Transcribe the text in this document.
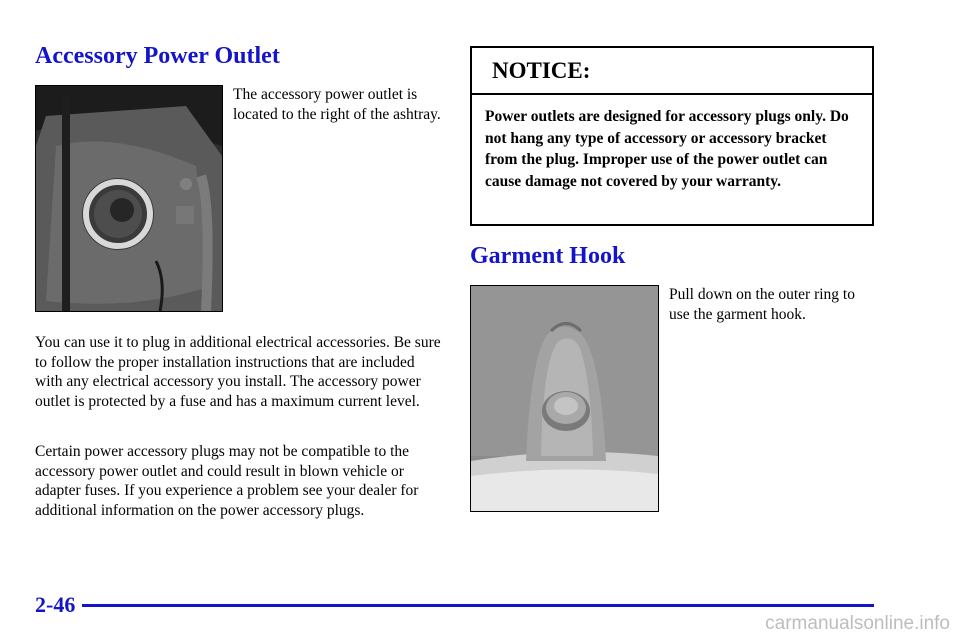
Accessory Power Outlet

The accessory power outlet is located to the right of the ashtray.

You can use it to plug in additional electrical accessories. Be sure to follow the proper installation instructions that are included with any electrical accessory you install. The accessory power outlet is protected by a fuse and has a maximum current level.

Certain power accessory plugs may not be compatible to the accessory power outlet and could result in blown vehicle or adapter fuses. If you experience a problem see your dealer for additional information on the power accessory plugs.

NOTICE:
Power outlets are designed for accessory plugs only. Do not hang any type of accessory or accessory bracket from the plug. Improper use of the power outlet can cause damage not covered by your warranty.
Garment Hook

Pull down on the outer ring to use the garment hook.

2-46
carmanualsonline.info
